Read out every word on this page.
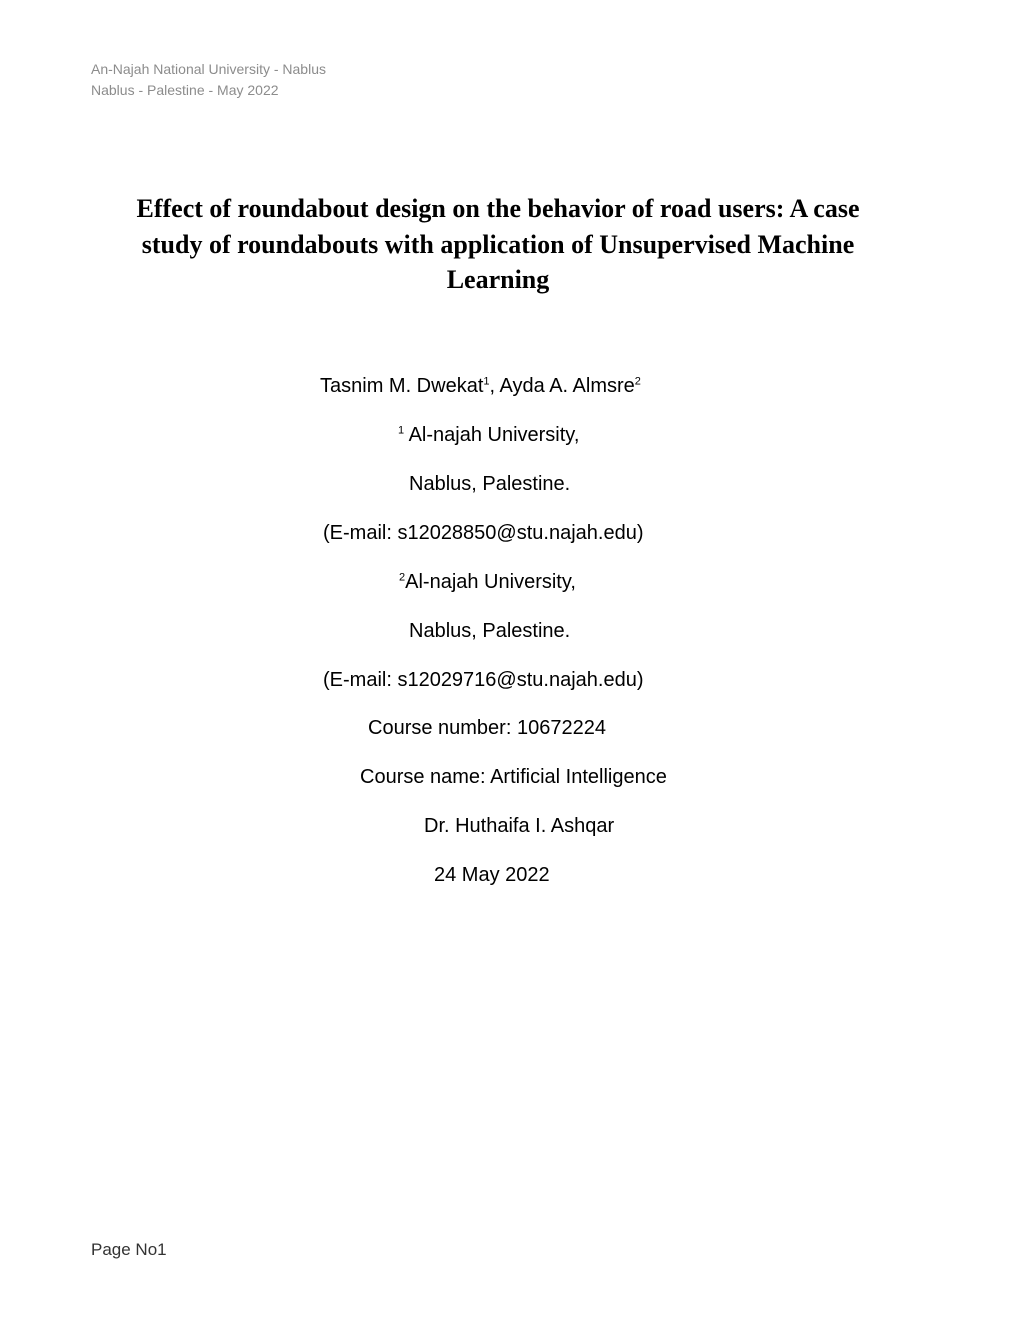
An-Najah National University - Nablus
Nablus - Palestine - May 2022
Effect of roundabout design on the behavior of road users: A case
study of roundabouts with application of Unsupervised Machine
Learning
Tasnim M. Dwekat$^1$, Ayda A. Almsre$^2$
$^1$ Al-najah University,
Nablus, Palestine.
(E-mail: s12028850@stu.najah.edu)
$^2$Al-najah University,
Nablus, Palestine.
(E-mail: s12029716@stu.najah.edu)
Course number: 10672224
Course name: Artificial Intelligence
Dr. Huthaifa I. Ashqar
24 May 2022
Page No1
